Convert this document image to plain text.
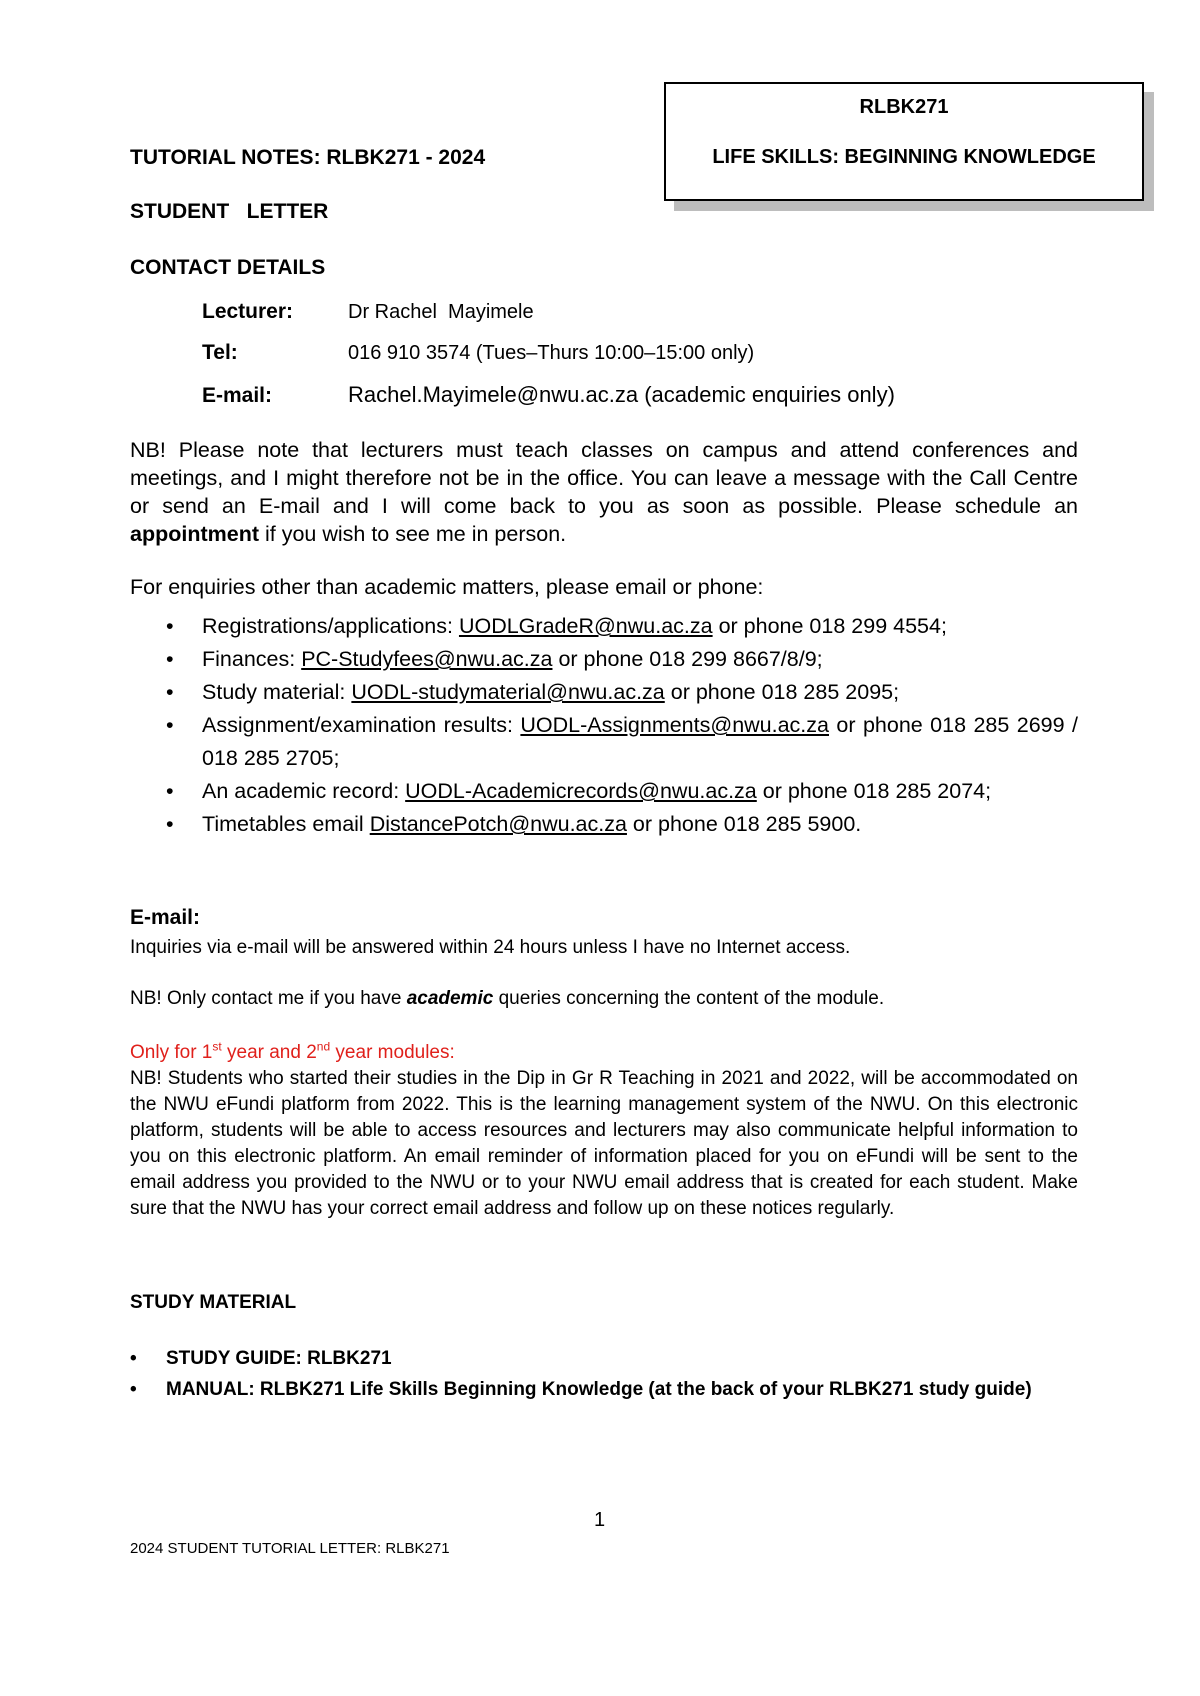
RLBK271
LIFE SKILLS: BEGINNING KNOWLEDGE
TUTORIAL NOTES: RLBK271 - 2024
STUDENT   LETTER
CONTACT DETAILS
Lecturer:	Dr Rachel  Mayimele
Tel:	016 910 3574 (Tues–Thurs 10:00–15:00 only)
E-mail:	Rachel.Mayimele@nwu.ac.za (academic enquiries only)
NB! Please note that lecturers must teach classes on campus and attend conferences and meetings, and I might therefore not be in the office. You can leave a message with the Call Centre or send an E-mail and I will come back to you as soon as possible. Please schedule an appointment if you wish to see me in person.
For enquiries other than academic matters, please email or phone:
• Registrations/applications: UODLGradeR@nwu.ac.za or phone 018 299 4554;
• Finances: PC-Studyfees@nwu.ac.za or phone 018 299 8667/8/9;
• Study material: UODL-studymaterial@nwu.ac.za or phone 018 285 2095;
• Assignment/examination results: UODL-Assignments@nwu.ac.za or phone 018 285 2699 / 018 285 2705;
• An academic record: UODL-Academicrecords@nwu.ac.za or phone 018 285 2074;
• Timetables email DistancePotch@nwu.ac.za or phone 018 285 5900.
E-mail:
Inquiries via e-mail will be answered within 24 hours unless I have no Internet access.
NB! Only contact me if you have academic queries concerning the content of the module.
Only for 1st year and 2nd year modules:
NB! Students who started their studies in the Dip in Gr R Teaching in 2021 and 2022, will be accommodated on the NWU eFundi platform from 2022. This is the learning management system of the NWU. On this electronic platform, students will be able to access resources and lecturers may also communicate helpful information to you on this electronic platform. An email reminder of information placed for you on eFundi will be sent to the email address you provided to the NWU or to your NWU email address that is created for each student. Make sure that the NWU has your correct email address and follow up on these notices regularly.
STUDY MATERIAL
• STUDY GUIDE: RLBK271
• MANUAL: RLBK271 Life Skills Beginning Knowledge (at the back of your RLBK271 study guide)
1
2024 STUDENT TUTORIAL LETTER: RLBK271
